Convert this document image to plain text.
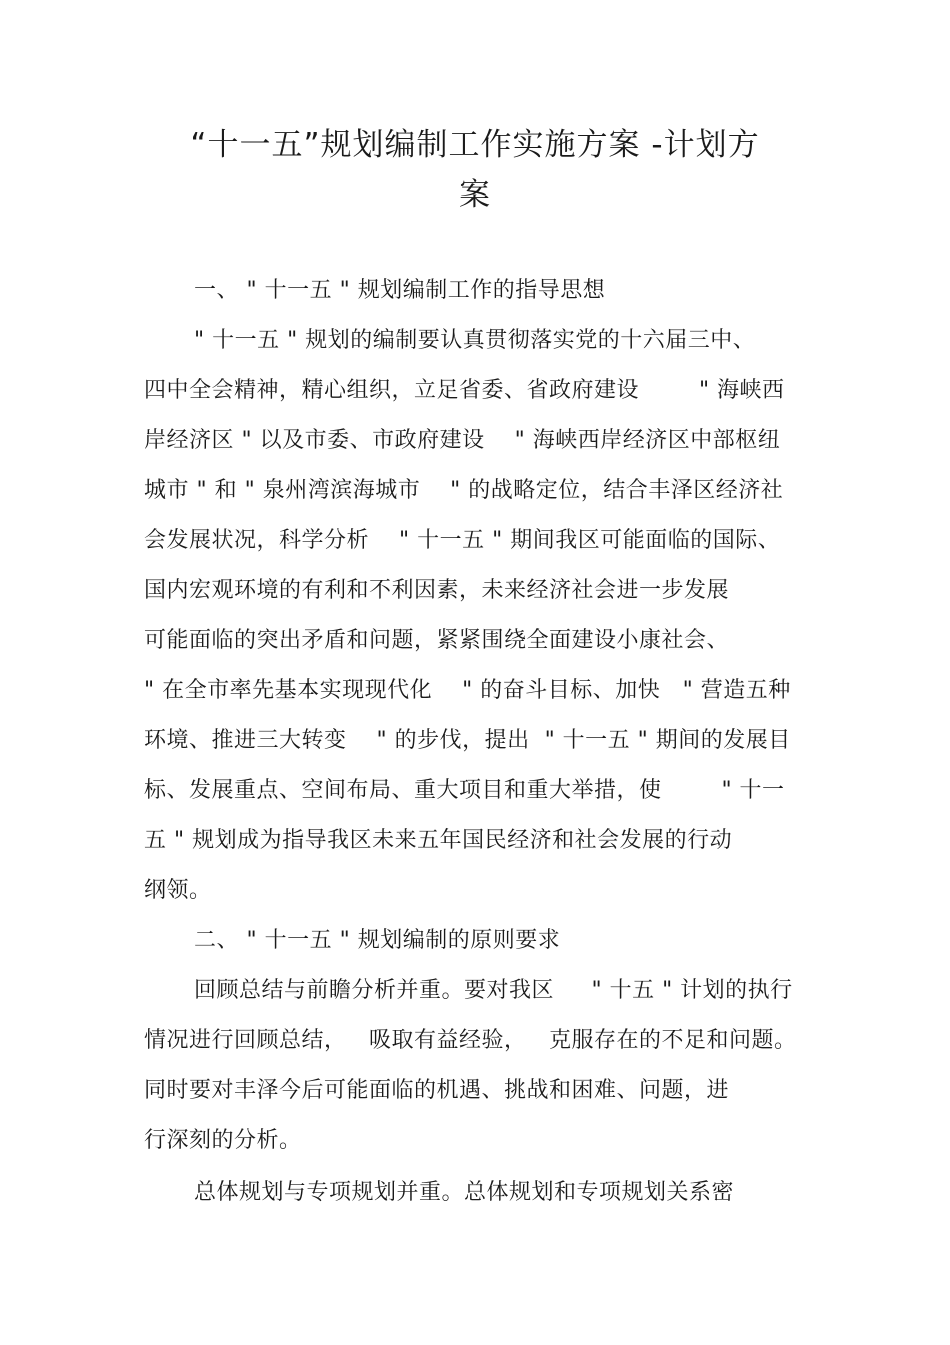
“十一五”规划编制工作实施方案 -计划方
案
一、 " 十一五 " 规划编制工作的指导思想
" 十一五 " 规划的编制要认真贯彻落实党的十六届三中、
四中全会精神，精心组织，立足省委、省政府建设        " 海峡西
岸经济区 " 以及市委、市政府建设    " 海峡西岸经济区中部枢纽
城市 " 和 " 泉州湾滨海城市    " 的战略定位，结合丰泽区经济社
会发展状况，科学分析    " 十一五 " 期间我区可能面临的国际、
国内宏观环境的有利和不利因素，未来经济社会进一步发展
可能面临的突出矛盾和问题，紧紧围绕全面建设小康社会、
" 在全市率先基本实现现代化    " 的奋斗目标、加快   " 营造五种
环境、推进三大转变    " 的步伐，提出  " 十一五 " 期间的发展目
标、发展重点、空间布局、重大项目和重大举措，使        " 十一
五 " 规划成为指导我区未来五年国民经济和社会发展的行动
纲领。
二、 " 十一五 " 规划编制的原则要求
回顾总结与前瞻分析并重。要对我区     " 十五 " 计划的执行
情况进行回顾总结，   吸取有益经验，   克服存在的不足和问题。
同时要对丰泽今后可能面临的机遇、挑战和困难、问题，进
行深刻的分析。
总体规划与专项规划并重。总体规划和专项规划关系密
